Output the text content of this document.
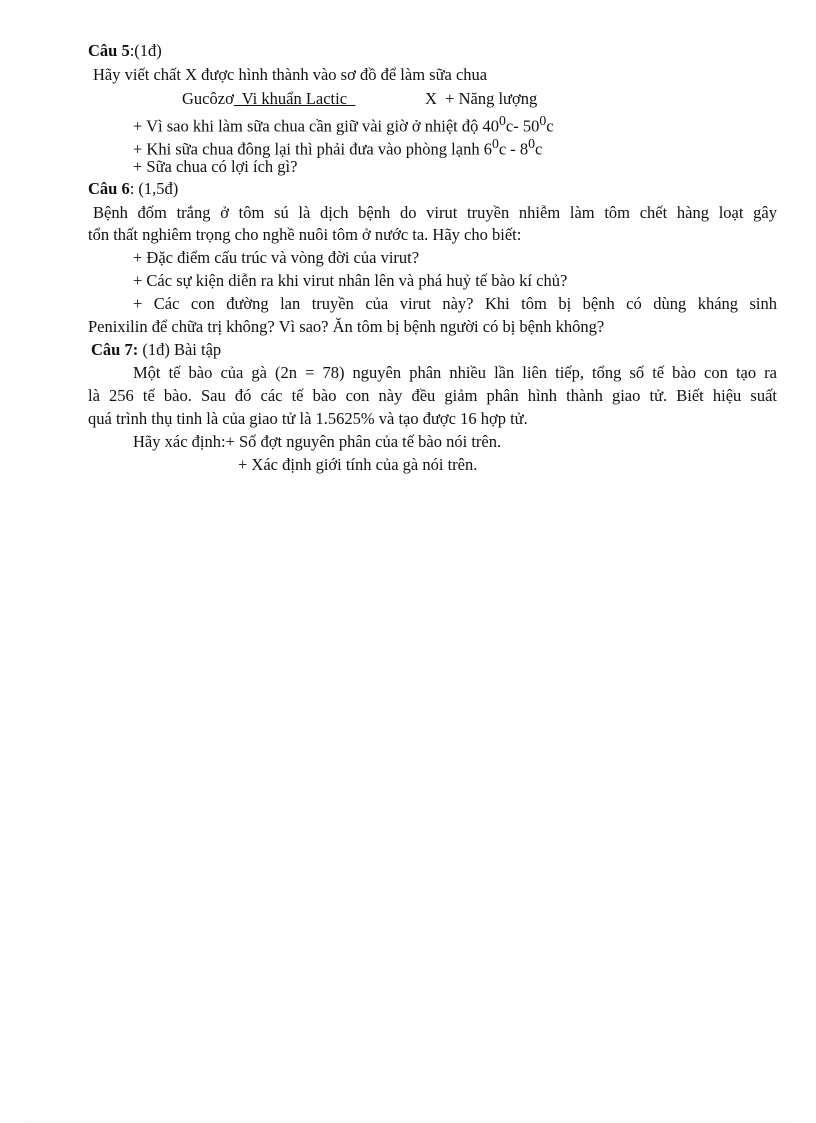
Câu 5:(1đ)
Hãy viết chất X được hình thành vào sơ đồ để làm sữa chua
Gucôzơ  Vi khuẩn Lactic	X + Năng lượng
+ Vì sao khi làm sữa chua cần giữ vài giờ ở nhiệt độ $40^0c-$ $50^0c$
+ Khi sữa chua đông lại thì phải đưa vào phòng lạnh $6^0c - 8^0c$
+ Sữa chua có lợi ích gì?
Câu 6: (1,5đ)
Bệnh đốm trắng ở tôm sú là dịch bệnh do virut truyền nhiễm làm tôm chết hàng loạt gây
tổn thất nghiêm trọng cho nghề nuôi tôm ở nước ta. Hãy cho biết:
+ Đặc điểm cấu trúc và vòng đời của virut?
+ Các sự kiện diễn ra khi virut nhân lên và phá huỷ tế bào kí chủ?
+ Các con đường lan truyền của virut này? Khi tôm bị bệnh có dùng kháng sinh
Penixilin để chữa trị không? Vì sao? Ăn tôm bị bệnh người có bị bệnh không?
Câu 7: (1đ) Bài tập
Một tế bào của gà (2n = 78) nguyên phân nhiều lần liên tiếp, tổng số tế bào con tạo ra
là 256 tế bào. Sau đó các tế bào con này đều giảm phân hình thành giao tử. Biết hiệu suất
quá trình thụ tinh là của giao tử là 1.5625% và tạo được 16 hợp tử.
Hãy xác định:+ Số đợt nguyên phân của tế bào nói trên.
+ Xác định giới tính của gà nói trên.
